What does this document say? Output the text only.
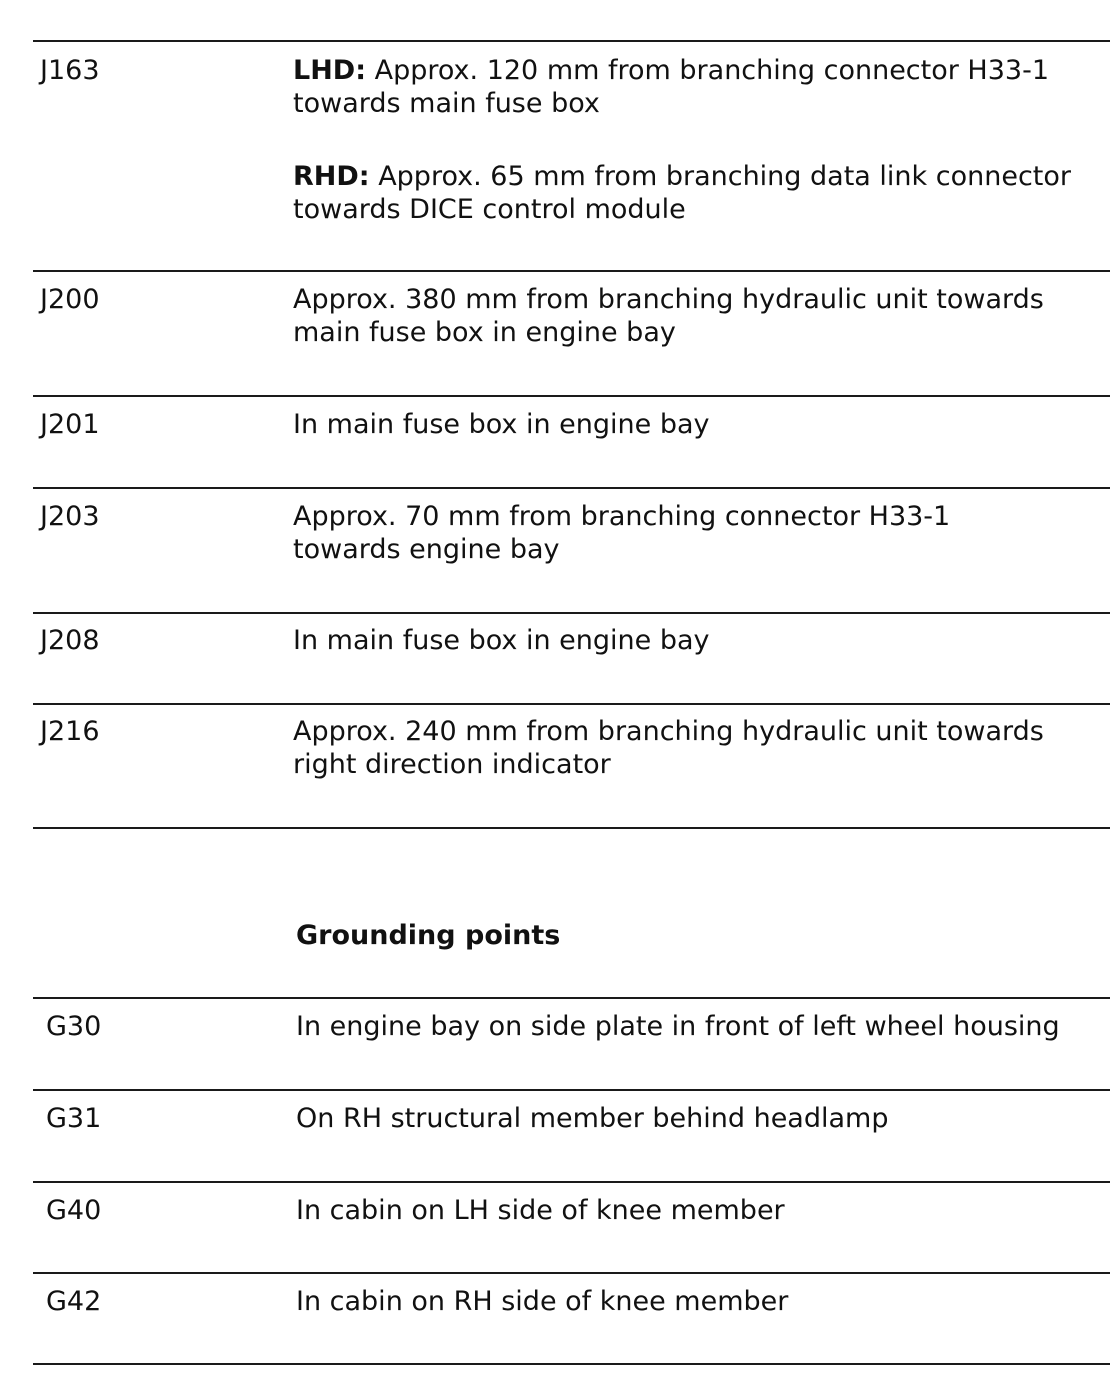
J163	LHD: Approx. 120 mm from branching connector H33-1 towards main fuse box
RHD: Approx. 65 mm from branching data link connector towards DICE control module
J200	Approx. 380 mm from branching hydraulic unit towards main fuse box in engine bay
J201	In main fuse box in engine bay
J203	Approx. 70 mm from branching connector H33-1 towards engine bay
J208	In main fuse box in engine bay
J216	Approx. 240 mm from branching hydraulic unit towards right direction indicator
Grounding points
G30	In engine bay on side plate in front of left wheel housing
G31	On RH structural member behind headlamp
G40	In cabin on LH side of knee member
G42	In cabin on RH side of knee member
